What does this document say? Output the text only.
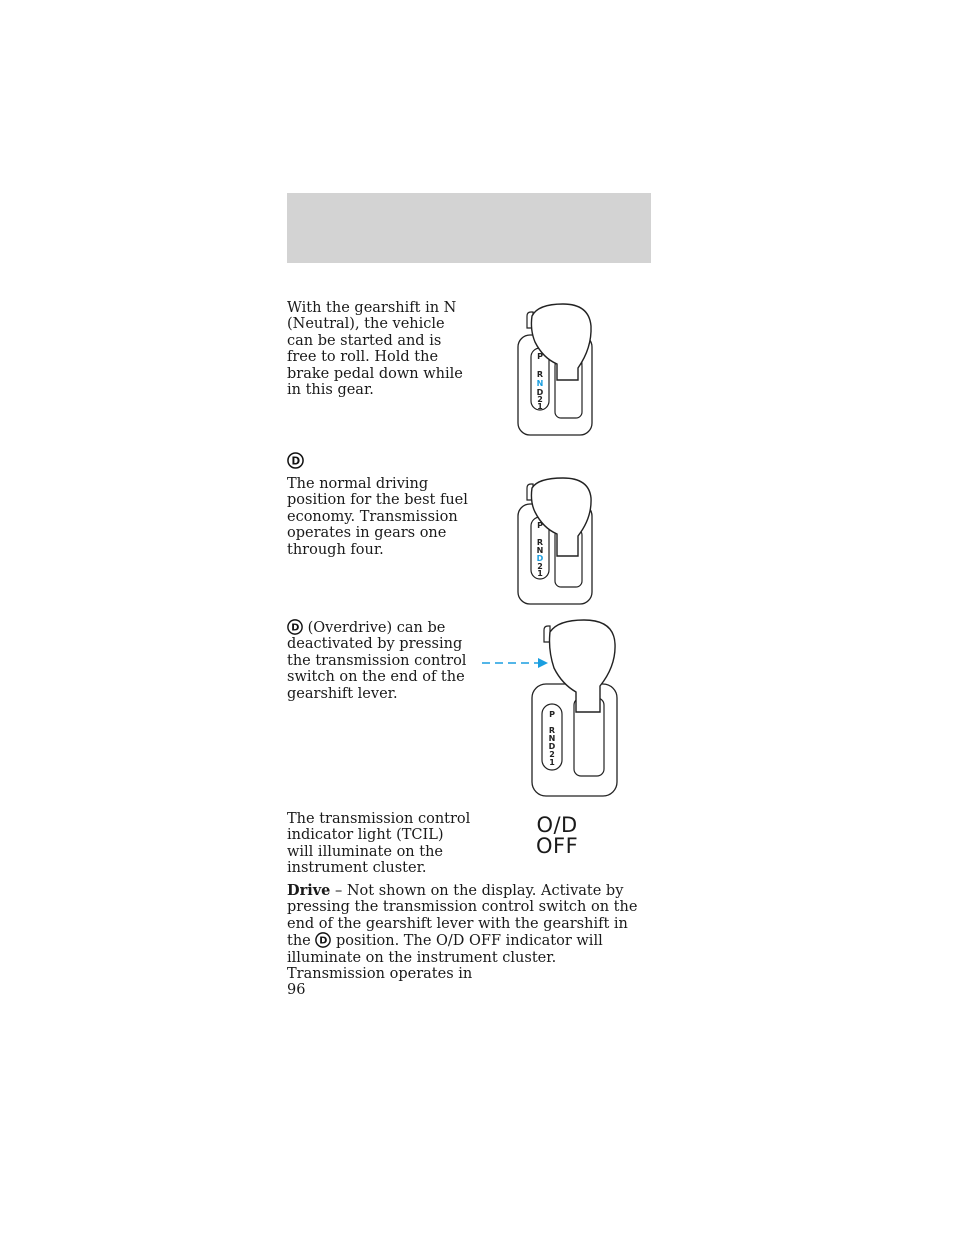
With the gearshift in N (Neutral), the vehicle can be started and is free to roll. Hold the brake pedal down while in this gear.

P
R
N
D
2
1
D

The normal driving position for the best fuel economy. Transmission operates in gears one through four.

P
R
N
D
2
1

D (Overdrive) can be deactivated by pressing the transmission control switch on the end of the gearshift lever.

P
R
N
D
2
1

The transmission control indicator light (TCIL) will illuminate on the instrument cluster.

O/D
OFF

Drive – Not shown on the display. Activate by pressing the transmission control switch on the end of the gearshift lever with the gearshift in the D position. The O/D OFF indicator will illuminate on the instrument cluster. Transmission operates in

96
